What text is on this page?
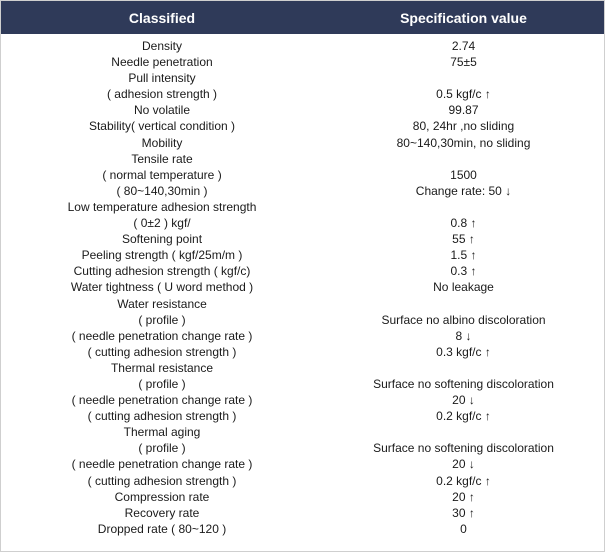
Classified	Specification value
Density
Needle penetration
Pull intensity
( adhesion strength )
No volatile
Stability( vertical condition )
Mobility
Tensile rate
( normal temperature )
( 80~140,30min )
Low temperature adhesion strength
( 0±2 ) kgf/
Softening point
Peeling strength ( kgf/25m/m )
Cutting adhesion strength ( kgf/c)
Water tightness ( U word method )
Water resistance
( profile )
( needle penetration change rate )
( cutting adhesion strength )
Thermal resistance
( profile )
( needle penetration change rate )
( cutting adhesion strength )
Thermal aging
( profile )
( needle penetration change rate )
( cutting adhesion strength )
Compression rate
Recovery rate
Dropped rate ( 80~120 )
2.74
75±5
0.5 kgf/c ↑
99.87
80, 24hr ,no sliding
80~140,30min, no sliding
1500
Change rate: 50 ↓
0.8 ↑
55 ↑
1.5 ↑
0.3 ↑
No leakage
Surface no albino discoloration
8 ↓
0.3 kgf/c ↑
Surface no softening discoloration
20 ↓
0.2 kgf/c ↑
Surface no softening discoloration
20 ↓
0.2 kgf/c ↑
20 ↑
30 ↑
0
